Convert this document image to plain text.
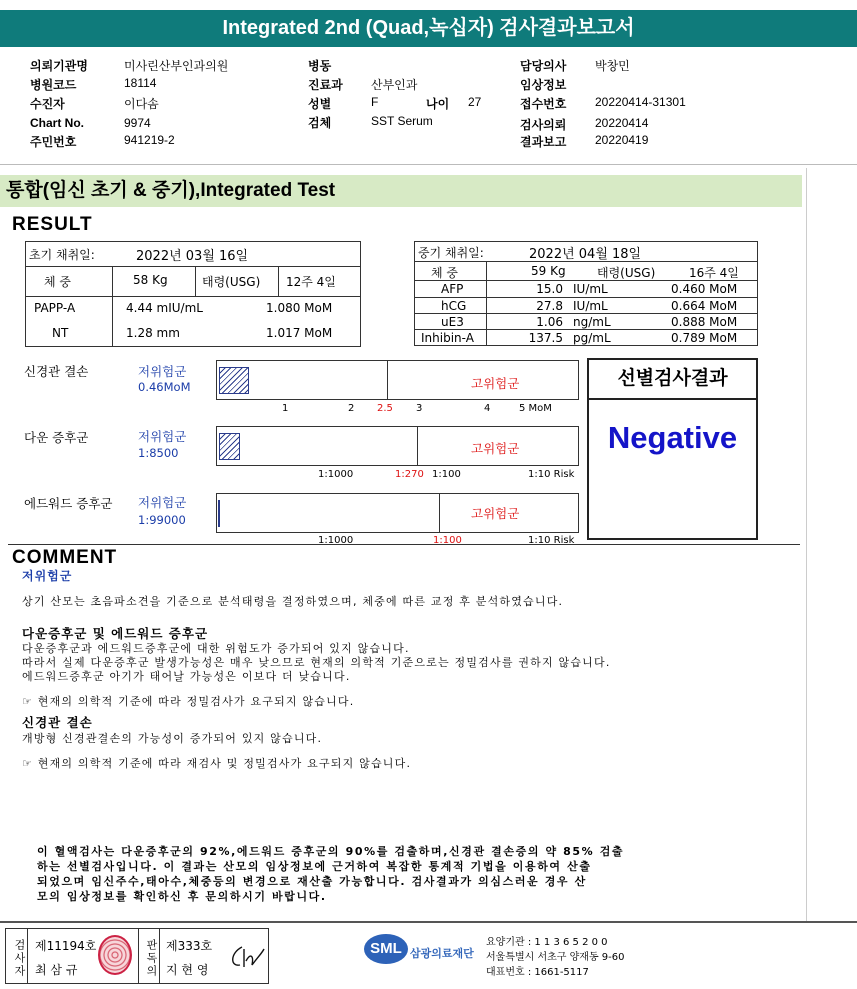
Integrated 2nd (Quad,녹십자) 검사결과보고서
의뢰기관명	미사린산부인과의원
병원코드	18114
수진자	이다솜
Chart No.	9974
주민번호	941219-2
병동
진료과 산부인과
성별	F	나이 27
검체	SST Serum
담당의사 박창민
임상정보
접수번호 20220414-31301
검사의뢰 20220414
결과보고 20220419
통합(임신 초기 & 중기),Integrated Test
RESULT
초기 채취일:	2022년 03월 16일
체 중	58 Kg	태령(USG) 12주 4일
PAPP-A	4.44 mIU/mL	1.080 MoM
NT	1.28 mm	1.017 MoM
중기 채취일:	2022년 04월 18일
체 중	59 Kg	태령(USG)	16주 4일
AFP	15.0 IU/mL	0.460 MoM
hCG	27.8 IU/mL	0.664 MoM
uE3	1.06 ng/mL	0.888 MoM
Inhibin-A	137.5 pg/mL	0.789 MoM
신경관 결손	저위험군
0.46MoM	고위험군
1	2 2.5 3	4	5 MoM
다운 증후군	저위험군
1:8500	고위험군
1:1000	1:270 1:100	1:10 Risk
에드워드 증후군 저위험군
1:99000	고위험군
1:1000	1:100	1:10 Risk
선별검사결과
Negative
COMMENT
저위험군
상기 산모는 초음파소견을 기준으로 분석태령을 결정하였으며, 체중에 따른 교정 후 분석하였습니다.
다운증후군 및 에드워드 증후군
다운증후군과 에드워드증후군에 대한 위험도가 증가되어 있지 않습니다.
따라서 실제 다운증후군 발생가능성은 매우 낮으므로 현재의 의학적 기준으로는 정밀검사를 권하지 않습니다.
에드워드증후군 아기가 태어날 가능성은 이보다 더 낮습니다.
☞ 현재의 의학적 기준에 따라 정밀검사가 요구되지 않습니다.
신경관 결손
개방형 신경관결손의 가능성이 증가되어 있지 않습니다.
☞ 현재의 의학적 기준에 따라 재검사 및 정밀검사가 요구되지 않습니다.
이 혈액검사는 다운증후군의 92%,에드워드 증후군의 90%를 검출하며,신경관 결손증의 약 85% 검출
하는 선별검사입니다. 이 결과는 산모의 임상정보에 근거하여 복잡한 통계적 기법을 이용하여 산출
되었으며 임신주수,태아수,체중등의 변경으로 재산출 가능합니다. 검사결과가 의심스러운 경우 산
모의 임상정보를 확인하신 후 문의하시기 바랍니다.
검사자 제11194호
최 삼 규	판독의 제333호
지 현 영
SML 삼광의료재단
요양기관 : 1 1 3 6 5 2 0 0
서울특별시 서초구 양재동 9-60
대표번호 : 1661-5117
